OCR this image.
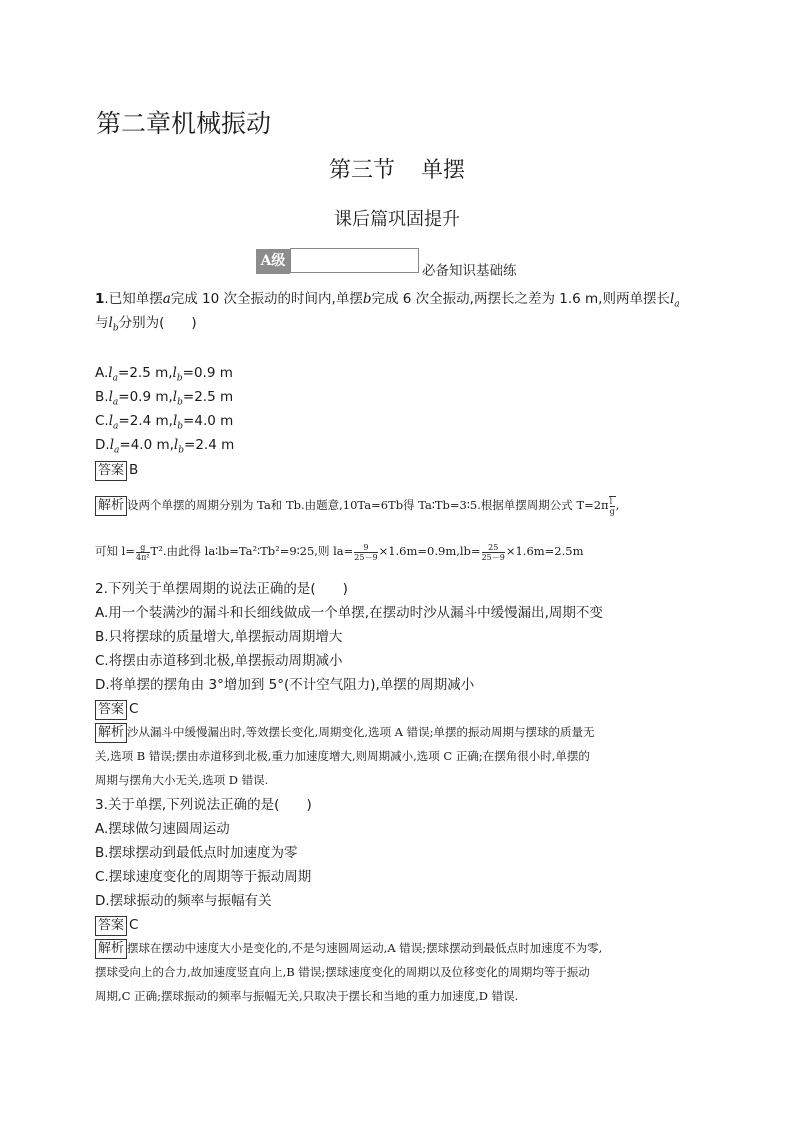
第二章机械振动
第三节 单摆
课后篇巩固提升
A级
必备知识基础练
1.已知单摆a完成 10 次全振动的时间内,单摆b完成 6 次全振动,两摆长之差为 1.6 m,则两单摆长$l_a$
与$l_b$分别为(　　)
$A.l_a=2.5$ $m,l_b=0.9$ m
$B.l_a=0.9$ $m,l_b=2.5$ m
$C.l_a=2.4$ $m,l_b=4.0$ m
$D.l_a=4.0$ $m,l_b=2.4$ m
答案 B
解析 设两个单摆的周期分别为 Ta和 Tb.由题意,10Ta=6Tb得 Ta∶Tb=3∶5.根据单摆周期公式 $T=2\pi \frac{l}{g}$ ,
可知 $l= \frac{g}{\text{4π²}} T^2$.由此得 la∶lb=Ta²∶Tb²=9∶25,则 $la= \frac{9}{25-9} \times 1.6m=0.9m,lb= \frac{25}{25-9} \times 1.6m=2.5m$
2.下列关于单摆周期的说法正确的是(　　)
A.用一个装满沙的漏斗和长细线做成一个单摆,在摆动时沙从漏斗中缓慢漏出,周期不变
B.只将摆球的质量增大,单摆振动周期增大
C.将摆由赤道移到北极,单摆振动周期减小
D.将单摆的摆角由 3°增加到 5°(不计空气阻力),单摆的周期减小
答案 C
解析 沙从漏斗中缓慢漏出时,等效摆长变化,周期变化,选项 A 错误;单摆的振动周期与摆球的质量无
关,选项 B 错误;摆由赤道移到北极,重力加速度增大,则周期减小,选项 C 正确;在摆角很小时,单摆的
周期与摆角大小无关,选项 D 错误.
3.关于单摆,下列说法正确的是(　　)
A.摆球做匀速圆周运动
B.摆球摆动到最低点时加速度为零
C.摆球速度变化的周期等于振动周期
D.摆球振动的频率与振幅有关
答案 C
解析 摆球在摆动中速度大小是变化的,不是匀速圆周运动,A 错误;摆球摆动到最低点时加速度不为零,
摆球受向上的合力,故加速度竖直向上,B 错误;摆球速度变化的周期以及位移变化的周期均等于振动
周期,C 正确;摆球振动的频率与振幅无关,只取决于摆长和当地的重力加速度,D 错误.
